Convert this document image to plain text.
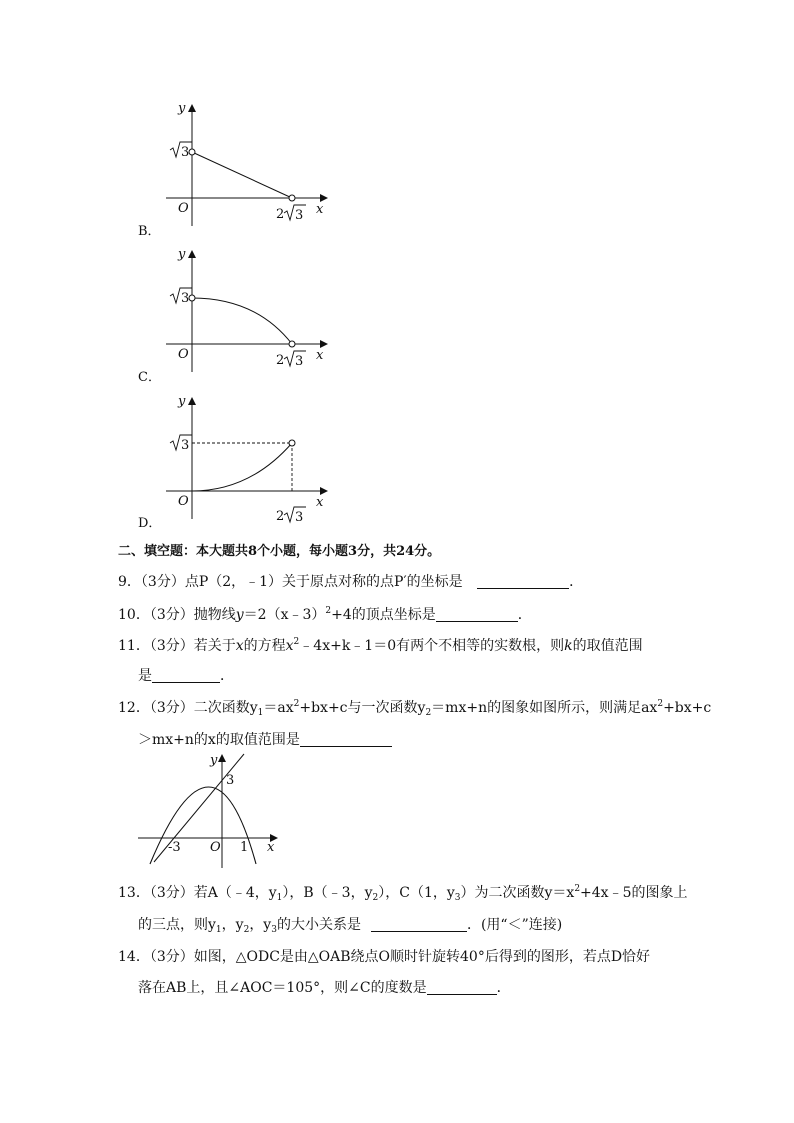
y
x
O
3
2 3
B．
y
x
O
3
2 3
C．
y
x
O
3
2 3
D．
二、填空题：本大题共8个小题，每小题3分，共24分。
9．（3分）点P（2，﹣1）关于原点对称的点P′的坐标是	．
10．（3分）抛物线y＝2（x﹣3）$^2$+4的顶点坐标是	．
11．（3分）若关于x的方程$x^2﹣4x+k﹣1=0$有两个不相等的实数根，则k的取值范围
是	．
12．（3分）二次函数$y_1=ax^2+bx+c$与一次函数$y_2=mx+n$的图象如图所示，则满足$ax^2+bx+c$
＞mx+n的x的取值范围是
y
x
O
-3	1
3
13．（3分）若A（﹣4，$y_1$），B（﹣3，$y_2$），C（1，$y_3$）为二次函数$y=x^2+4x﹣5$的图象上
的三点，则$y_1$，$y_2$，$y_3$的大小关系是	．(用“＜”连接)
14．（3分）如图，△ODC是由△OAB绕点O顺时针旋转40°后得到的图形，若点D恰好
落在AB上，且∠AOC＝105°，则∠C的度数是	．
